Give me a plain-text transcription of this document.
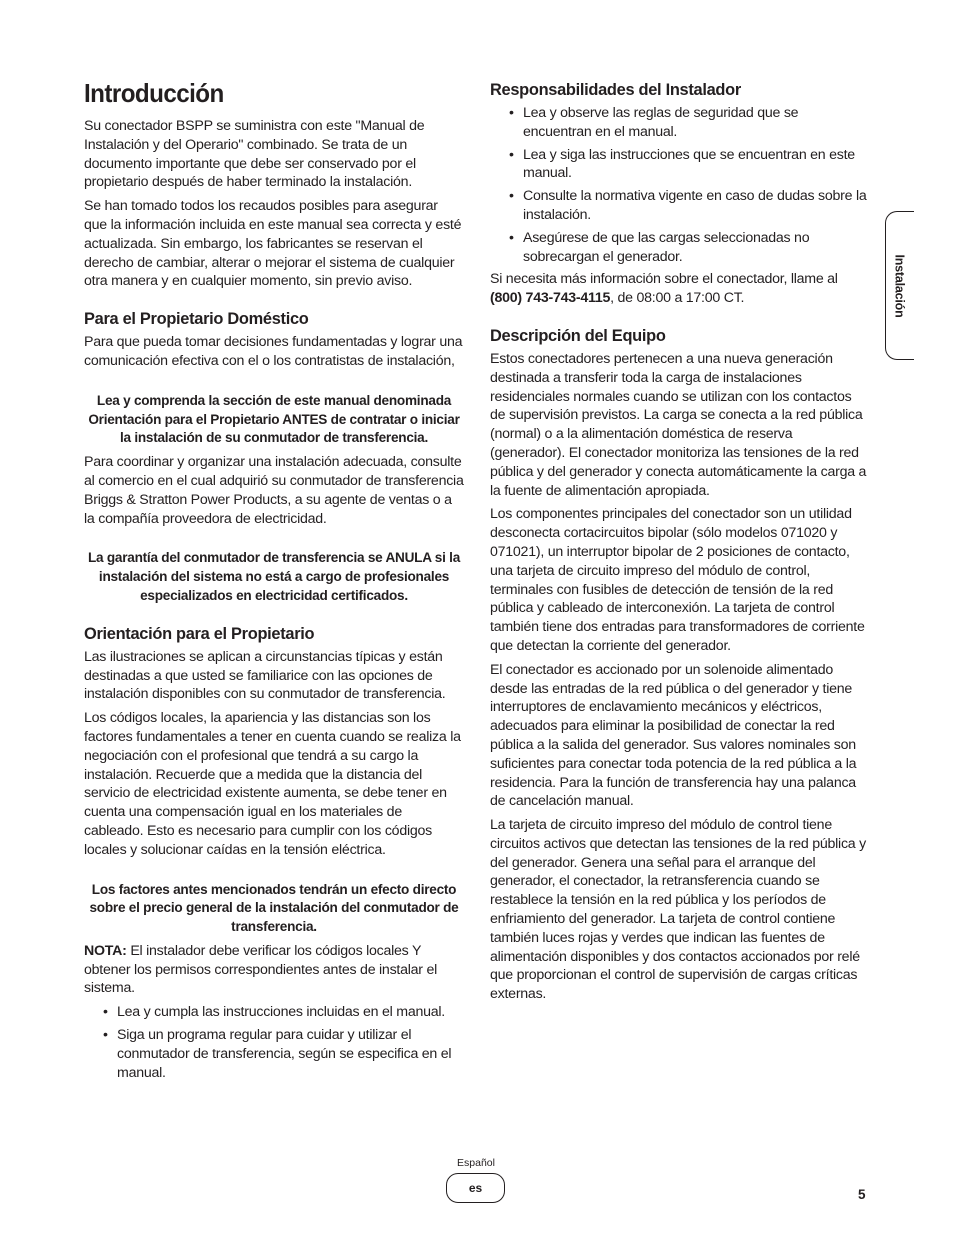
Introducción

Su conectador BSPP se suministra con este "Manual de Instalación y del Operario" combinado. Se trata de un documento importante que debe ser conservado por el propietario después de haber terminado la instalación.

Se han tomado todos los recaudos posibles para asegurar que la información incluida en este manual sea correcta y esté actualizada. Sin embargo, los fabricantes se reservan el derecho de cambiar, alterar o mejorar el sistema de cualquier otra manera y en cualquier momento, sin previo aviso.

Para el Propietario Doméstico

Para que pueda tomar decisiones fundamentadas y lograr una comunicación efectiva con el o los contratistas de instalación,

Lea y comprenda la sección de este manual denominada Orientación para el Propietario ANTES de contratar o iniciar la instalación de su conmutador de transferencia.

Para coordinar y organizar una instalación adecuada, consulte al comercio en el cual adquirió su conmutador de transferencia Briggs & Stratton Power Products, a su agente de ventas o a la compañía proveedora de electricidad.

La garantía del conmutador de transferencia se ANULA si la instalación del sistema no está a cargo de profesionales especializados en electricidad certificados.

Orientación para el Propietario

Las ilustraciones se aplican a circunstancias típicas y están destinadas a que usted se familiarice con las opciones de instalación disponibles con su conmutador de transferencia.

Los códigos locales, la apariencia y las distancias son los factores fundamentales a tener en cuenta cuando se realiza la negociación con el profesional que tendrá a su cargo la instalación. Recuerde que a medida que la distancia del servicio de electricidad existente aumenta, se debe tener en cuenta una compensación igual en los materiales de cableado. Esto es necesario para cumplir con los códigos locales y solucionar caídas en la tensión eléctrica.

Los factores antes mencionados tendrán un efecto directo sobre el precio general de la instalación del conmutador de transferencia.

NOTA: El instalador debe verificar los códigos locales Y obtener los permisos correspondientes antes de instalar el sistema.

• Lea y cumpla las instrucciones incluidas en el manual.
• Siga un programa regular para cuidar y utilizar el conmutador de transferencia, según se especifica en el manual.
Responsabilidades del Instalador
• Lea y observe las reglas de seguridad que se encuentran en el manual.
• Lea y siga las instrucciones que se encuentran en este manual.
• Consulte la normativa vigente en caso de dudas sobre la instalación.
• Asegúrese de que las cargas seleccionadas no sobrecargan el generador.

Si necesita más información sobre el conectador, llame al (800) 743-743-4115, de 08:00 a 17:00 CT.

Descripción del Equipo

Estos conectadores pertenecen a una nueva generación destinada a transferir toda la carga de instalaciones residenciales normales cuando se utilizan con los contactos de supervisión previstos. La carga se conecta a la red pública (normal) o a la alimentación doméstica de reserva (generador). El conectador monitoriza las tensiones de la red pública y del generador y conecta automáticamente la carga a la fuente de alimentación apropiada.

Los componentes principales del conectador son un utilidad desconecta cortacircuitos bipolar (sólo modelos 071020 y 071021), un interruptor bipolar de 2 posiciones de contacto, una tarjeta de circuito impreso del módulo de control, terminales con fusibles de detección de tensión de la red pública y cableado de interconexión. La tarjeta de control también tiene dos entradas para transformadores de corriente que detectan la corriente del generador.

El conectador es accionado por un solenoide alimentado desde las entradas de la red pública o del generador y tiene interruptores de enclavamiento mecánicos y eléctricos, adecuados para eliminar la posibilidad de conectar la red pública a la salida del generador. Sus valores nominales son suficientes para conectar toda potencia de la red pública a la residencia. Para la función de transferencia hay una palanca de cancelación manual.

La tarjeta de circuito impreso del módulo de control tiene circuitos activos que detectan las tensiones de la red pública y del generador. Genera una señal para el arranque del generador, el conectador, la retransferencia cuando se restablece la tensión en la red pública y los períodos de enfriamiento del generador. La tarjeta de control contiene también luces rojas y verdes que indican las fuentes de alimentación disponibles y dos contactos accionados por relé que proporcionan el control de supervisión de cargas críticas externas.

Instalación
Español
es	5
